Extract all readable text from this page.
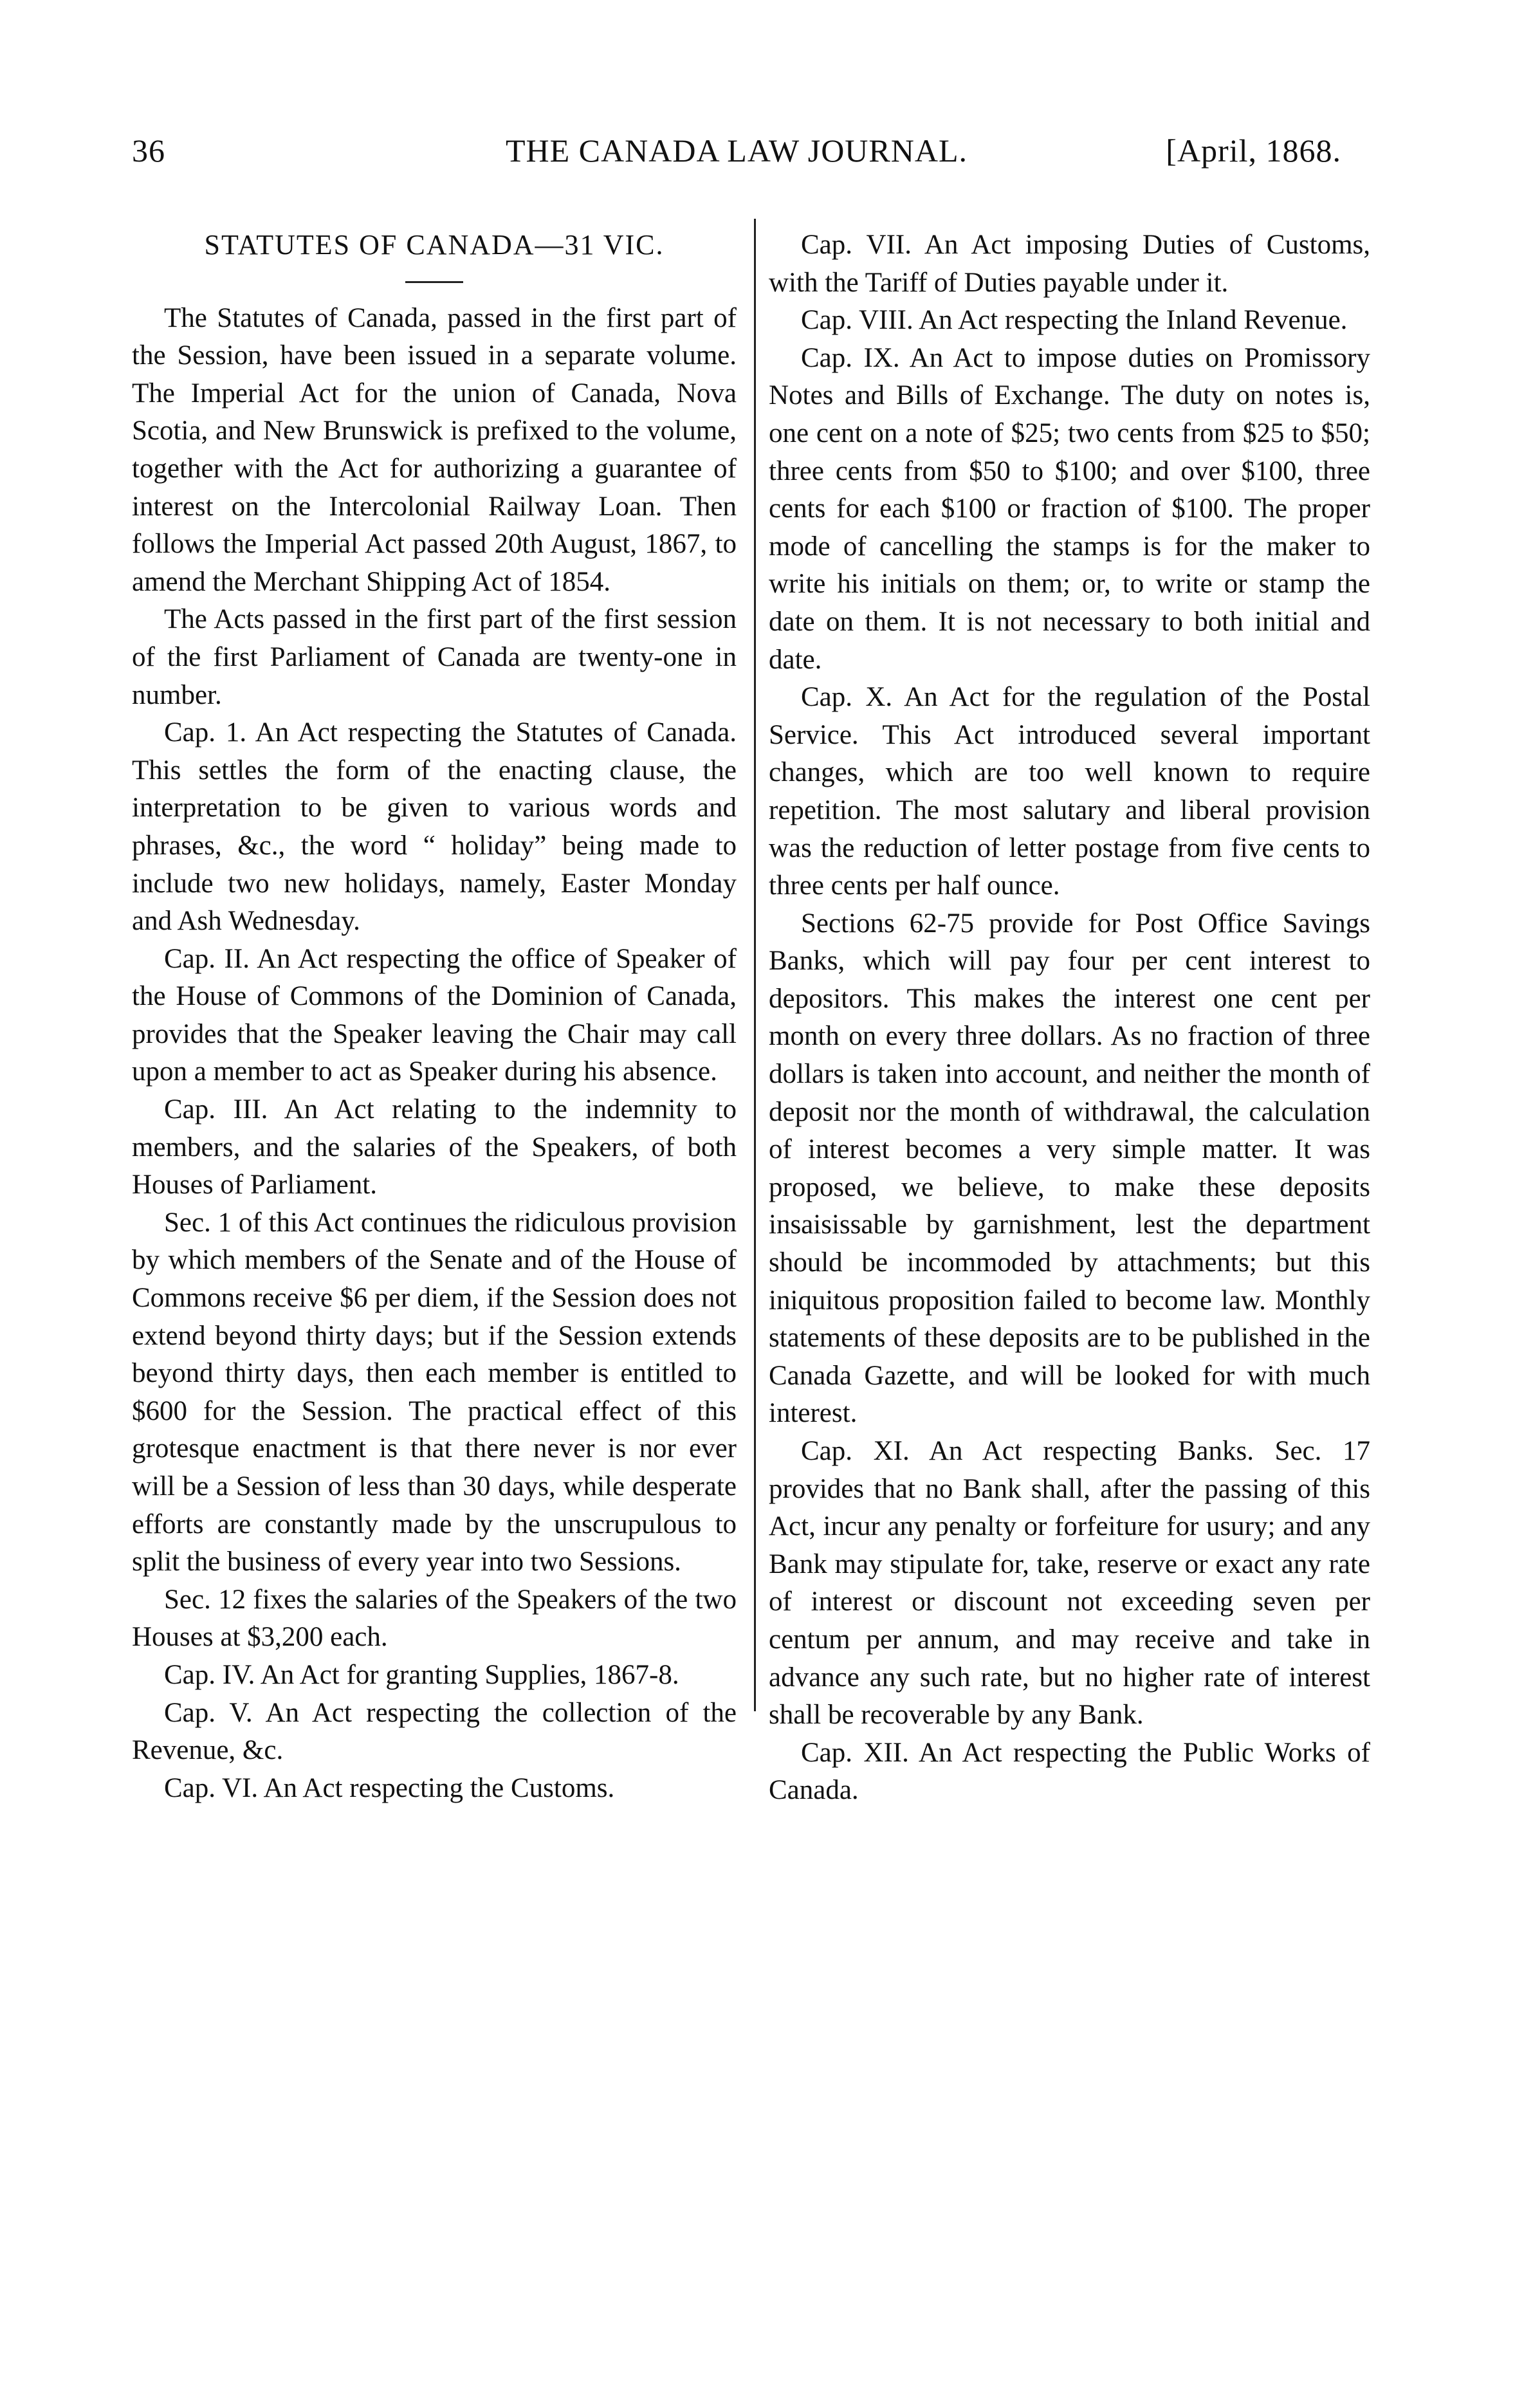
36	THE CANADA LAW JOURNAL.	[April, 1868.

STATUTES OF CANADA—31 VIC.

The Statutes of Canada, passed in the first part of the Session, have been issued in a separate volume. The Imperial Act for the union of Canada, Nova Scotia, and New Brunswick is prefixed to the volume, together with the Act for authorizing a guarantee of interest on the Intercolonial Railway Loan. Then follows the Imperial Act passed 20th August, 1867, to amend the Merchant Shipping Act of 1854.

The Acts passed in the first part of the first session of the first Parliament of Canada are twenty-one in number.

Cap. 1. An Act respecting the Statutes of Canada. This settles the form of the enacting clause, the interpretation to be given to various words and phrases, &c., the word “ holiday” being made to include two new holidays, namely, Easter Monday and Ash Wednesday.

Cap. II. An Act respecting the office of Speaker of the House of Commons of the Dominion of Canada, provides that the Speaker leaving the Chair may call upon a member to act as Speaker during his absence.

Cap. III. An Act relating to the indemnity to members, and the salaries of the Speakers, of both Houses of Parliament.

Sec. 1 of this Act continues the ridiculous provision by which members of the Senate and of the House of Commons receive $6 per diem, if the Session does not extend beyond thirty days; but if the Session extends beyond thirty days, then each member is entitled to $600 for the Session. The practical effect of this grotesque enactment is that there never is nor ever will be a Session of less than 30 days, while desperate efforts are constantly made by the unscrupulous to split the business of every year into two Sessions.

Sec. 12 fixes the salaries of the Speakers of the two Houses at $3,200 each.

Cap. IV. An Act for granting Supplies, 1867-8.

Cap. V. An Act respecting the collection of the Revenue, &c.

Cap. VI. An Act respecting the Customs.

Cap. VII. An Act imposing Duties of Customs, with the Tariff of Duties payable under it.

Cap. VIII. An Act respecting the Inland Revenue.

Cap. IX. An Act to impose duties on Promissory Notes and Bills of Exchange. The duty on notes is, one cent on a note of $25; two cents from $25 to $50; three cents from $50 to $100; and over $100, three cents for each $100 or fraction of $100. The proper mode of cancelling the stamps is for the maker to write his initials on them; or, to write or stamp the date on them. It is not necessary to both initial and date.

Cap. X. An Act for the regulation of the Postal Service. This Act introduced several important changes, which are too well known to require repetition. The most salutary and liberal provision was the reduction of letter postage from five cents to three cents per half ounce.

Sections 62-75 provide for Post Office Savings Banks, which will pay four per cent interest to depositors. This makes the interest one cent per month on every three dollars. As no fraction of three dollars is taken into account, and neither the month of deposit nor the month of withdrawal, the calculation of interest becomes a very simple matter. It was proposed, we believe, to make these deposits insaisissable by garnishment, lest the department should be incommoded by attachments; but this iniquitous proposition failed to become law. Monthly statements of these deposits are to be published in the Canada Gazette, and will be looked for with much interest.

Cap. XI. An Act respecting Banks. Sec. 17 provides that no Bank shall, after the passing of this Act, incur any penalty or forfeiture for usury; and any Bank may stipulate for, take, reserve or exact any rate of interest or discount not exceeding seven per centum per annum, and may receive and take in advance any such rate, but no higher rate of interest shall be recoverable by any Bank.

Cap. XII. An Act respecting the Public Works of Canada.
